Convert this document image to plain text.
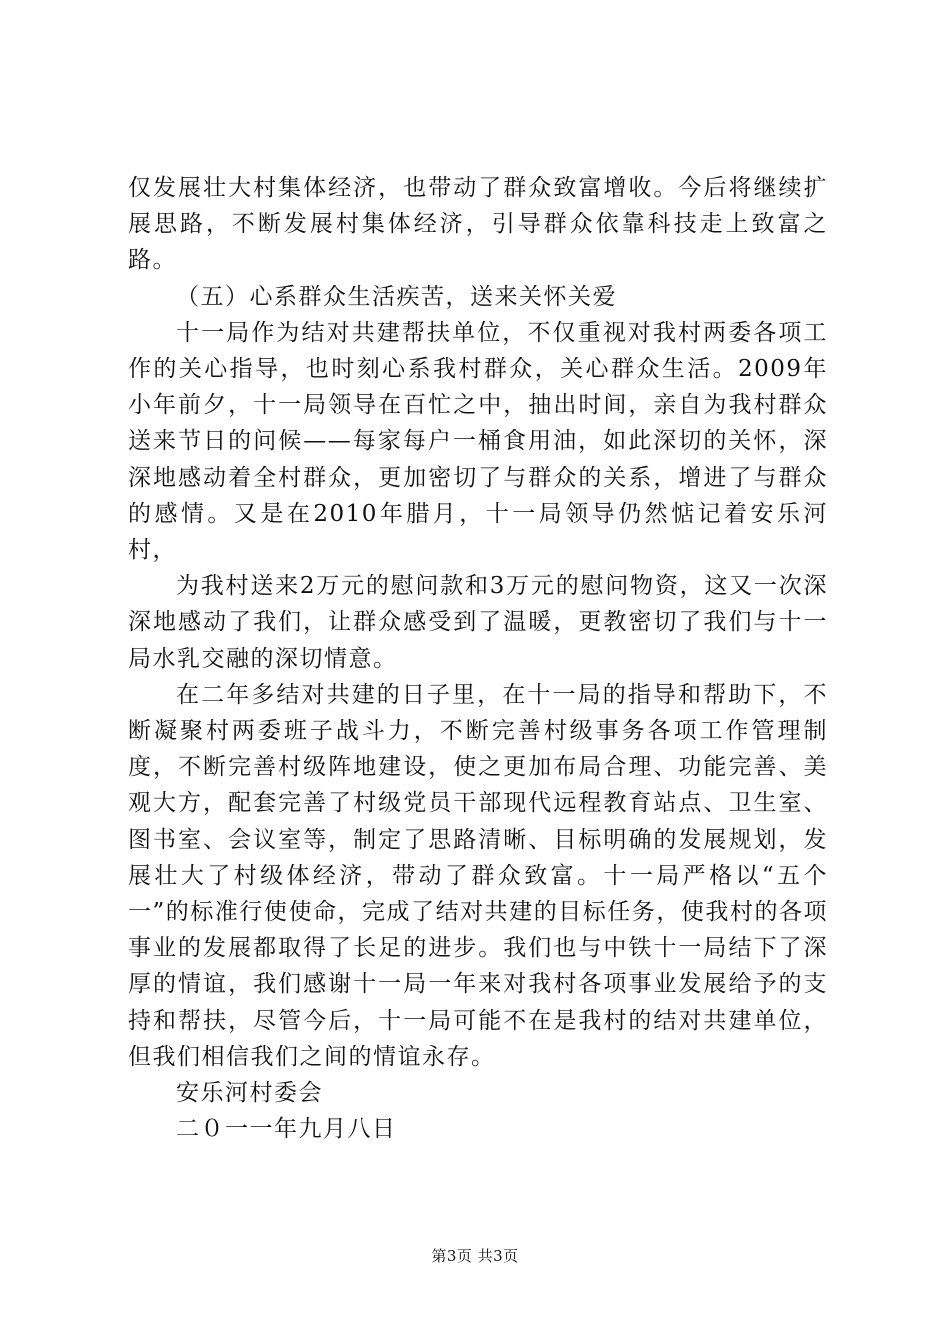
仅发展壮大村集体经济，也带动了群众致富增收。今后将继续扩展思路，不断发展村集体经济，引导群众依靠科技走上致富之路。

（五）心系群众生活疾苦，送来关怀关爱

十一局作为结对共建帮扶单位，不仅重视对我村两委各项工作的关心指导，也时刻心系我村群众，关心群众生活。2009年小年前夕，十一局领导在百忙之中，抽出时间，亲自为我村群众送来节日的问候——每家每户一桶食用油，如此深切的关怀，深深地感动着全村群众，更加密切了与群众的关系，增进了与群众的感情。又是在2010年腊月，十一局领导仍然惦记着安乐河村，

为我村送来2万元的慰问款和3万元的慰问物资，这又一次深深地感动了我们，让群众感受到了温暖，更教密切了我们与十一局水乳交融的深切情意。

在二年多结对共建的日子里，在十一局的指导和帮助下，不断凝聚村两委班子战斗力，不断完善村级事务各项工作管理制度，不断完善村级阵地建设，使之更加布局合理、功能完善、美观大方，配套完善了村级党员干部现代远程教育站点、卫生室、图书室、会议室等，制定了思路清晰、目标明确的发展规划，发展壮大了村级体经济，带动了群众致富。十一局严格以“五个一”的标准行使使命，完成了结对共建的目标任务，使我村的各项事业的发展都取得了长足的进步。我们也与中铁十一局结下了深厚的情谊，我们感谢十一局一年来对我村各项事业发展给予的支持和帮扶，尽管今后，十一局可能不在是我村的结对共建单位，但我们相信我们之间的情谊永存。

安乐河村委会

二０一一年九月八日

第3页 共3页
